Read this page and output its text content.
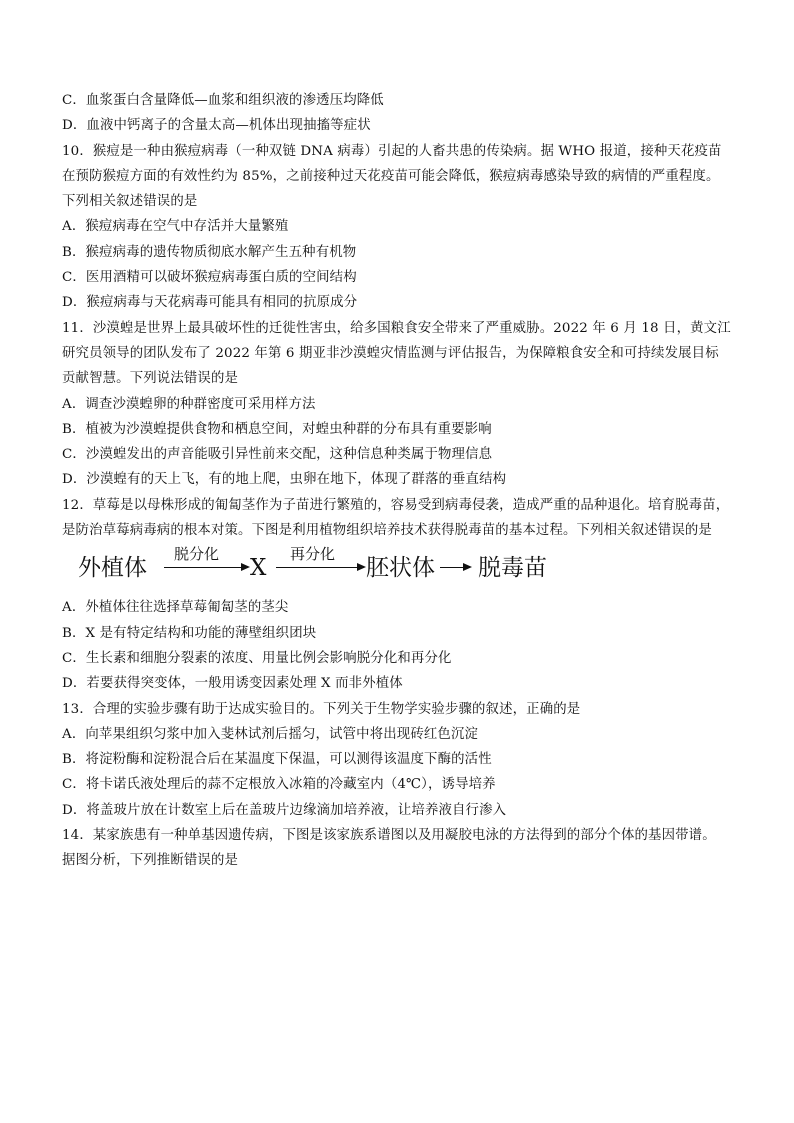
C．血浆蛋白含量降低—血浆和组织液的渗透压均降低
D．血液中钙离子的含量太高—机体出现抽搐等症状
10．猴痘是一种由猴痘病毒（一种双链 DNA 病毒）引起的人畜共患的传染病。据 WHO 报道，接种天花疫苗
在预防猴痘方面的有效性约为 85%，之前接种过天花疫苗可能会降低，猴痘病毒感染导致的病情的严重程度。
下列相关叙述错误的是
A．猴痘病毒在空气中存活并大量繁殖
B．猴痘病毒的遗传物质彻底水解产生五种有机物
C．医用酒精可以破坏猴痘病毒蛋白质的空间结构
D．猴痘病毒与天花病毒可能具有相同的抗原成分
11．沙漠蝗是世界上最具破坏性的迁徙性害虫，给多国粮食安全带来了严重威胁。2022 年 6 月 18 日，黄文江
研究员领导的团队发布了 2022 年第 6 期亚非沙漠蝗灾情监测与评估报告，为保障粮食安全和可持续发展目标
贡献智慧。下列说法错误的是
A．调查沙漠蝗卵的种群密度可采用样方法
B．植被为沙漠蝗提供食物和栖息空间，对蝗虫种群的分布具有重要影响
C．沙漠蝗发出的声音能吸引异性前来交配，这种信息种类属于物理信息
D．沙漠蝗有的天上飞，有的地上爬，虫卵在地下，体现了群落的垂直结构
12．草莓是以母株形成的匍匐茎作为子苗进行繁殖的，容易受到病毒侵袭，造成严重的品种退化。培育脱毒苗，
是防治草莓病毒病的根本对策。下图是利用植物组织培养技术获得脱毒苗的基本过程。下列相关叙述错误的是
外植体
脱分化
X
再分化
胚状体 脱毒苗
A．外植体往往选择草莓匍匐茎的茎尖
B．X 是有特定结构和功能的薄壁组织团块
C．生长素和细胞分裂素的浓度、用量比例会影响脱分化和再分化
D．若要获得突变体，一般用诱变因素处理 X 而非外植体
13．合理的实验步骤有助于达成实验目的。下列关于生物学实验步骤的叙述，正确的是
A．向苹果组织匀浆中加入斐林试剂后摇匀，试管中将出现砖红色沉淀
B．将淀粉酶和淀粉混合后在某温度下保温，可以测得该温度下酶的活性
C．将卡诺氏液处理后的蒜不定根放入冰箱的冷藏室内（4℃），诱导培养
D．将盖玻片放在计数室上后在盖玻片边缘滴加培养液，让培养液自行渗入
14．某家族患有一种单基因遗传病，下图是该家族系谱图以及用凝胶电泳的方法得到的部分个体的基因带谱。
据图分析，下列推断错误的是
